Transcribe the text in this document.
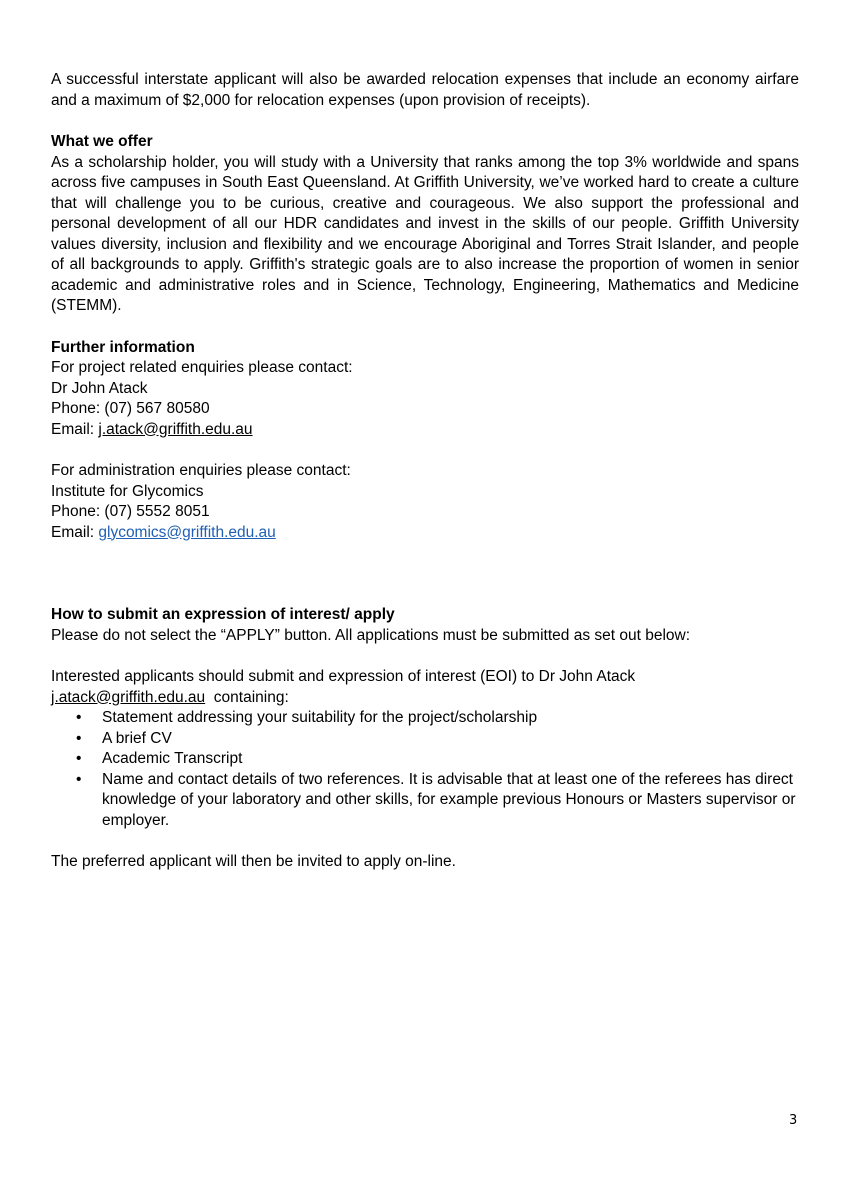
A successful interstate applicant will also be awarded relocation expenses that include an economy airfare and a maximum of $2,000 for relocation expenses (upon provision of receipts).

What we offer

As a scholarship holder, you will study with a University that ranks among the top 3% worldwide and spans across five campuses in South East Queensland. At Griffith University, we’ve worked hard to create a culture that will challenge you to be curious, creative and courageous. We also support the professional and personal development of all our HDR candidates and invest in the skills of our people. Griffith University values diversity, inclusion and flexibility and we encourage Aboriginal and Torres Strait Islander, and people of all backgrounds to apply. Griffith's strategic goals are to also increase the proportion of women in senior academic and administrative roles and in Science, Technology, Engineering, Mathematics and Medicine (STEMM).

Further information

For project related enquiries please contact:

Dr John Atack

Phone: (07) 567 80580

Email: j.atack@griffith.edu.au

For administration enquiries please contact:

Institute for Glycomics

Phone: (07) 5552 8051

Email: glycomics@griffith.edu.au

How to submit an expression of interest/ apply

Please do not select the “APPLY” button. All applications must be submitted as set out below:

Interested applicants should submit and expression of interest (EOI) to Dr John Atack

j.atack@griffith.edu.au  containing:

• Statement addressing your suitability for the project/scholarship
• A brief CV
• Academic Transcript
• Name and contact details of two references. It is advisable that at least one of the referees has direct knowledge of your laboratory and other skills, for example previous Honours or Masters supervisor or employer.

The preferred applicant will then be invited to apply on-line.

3
